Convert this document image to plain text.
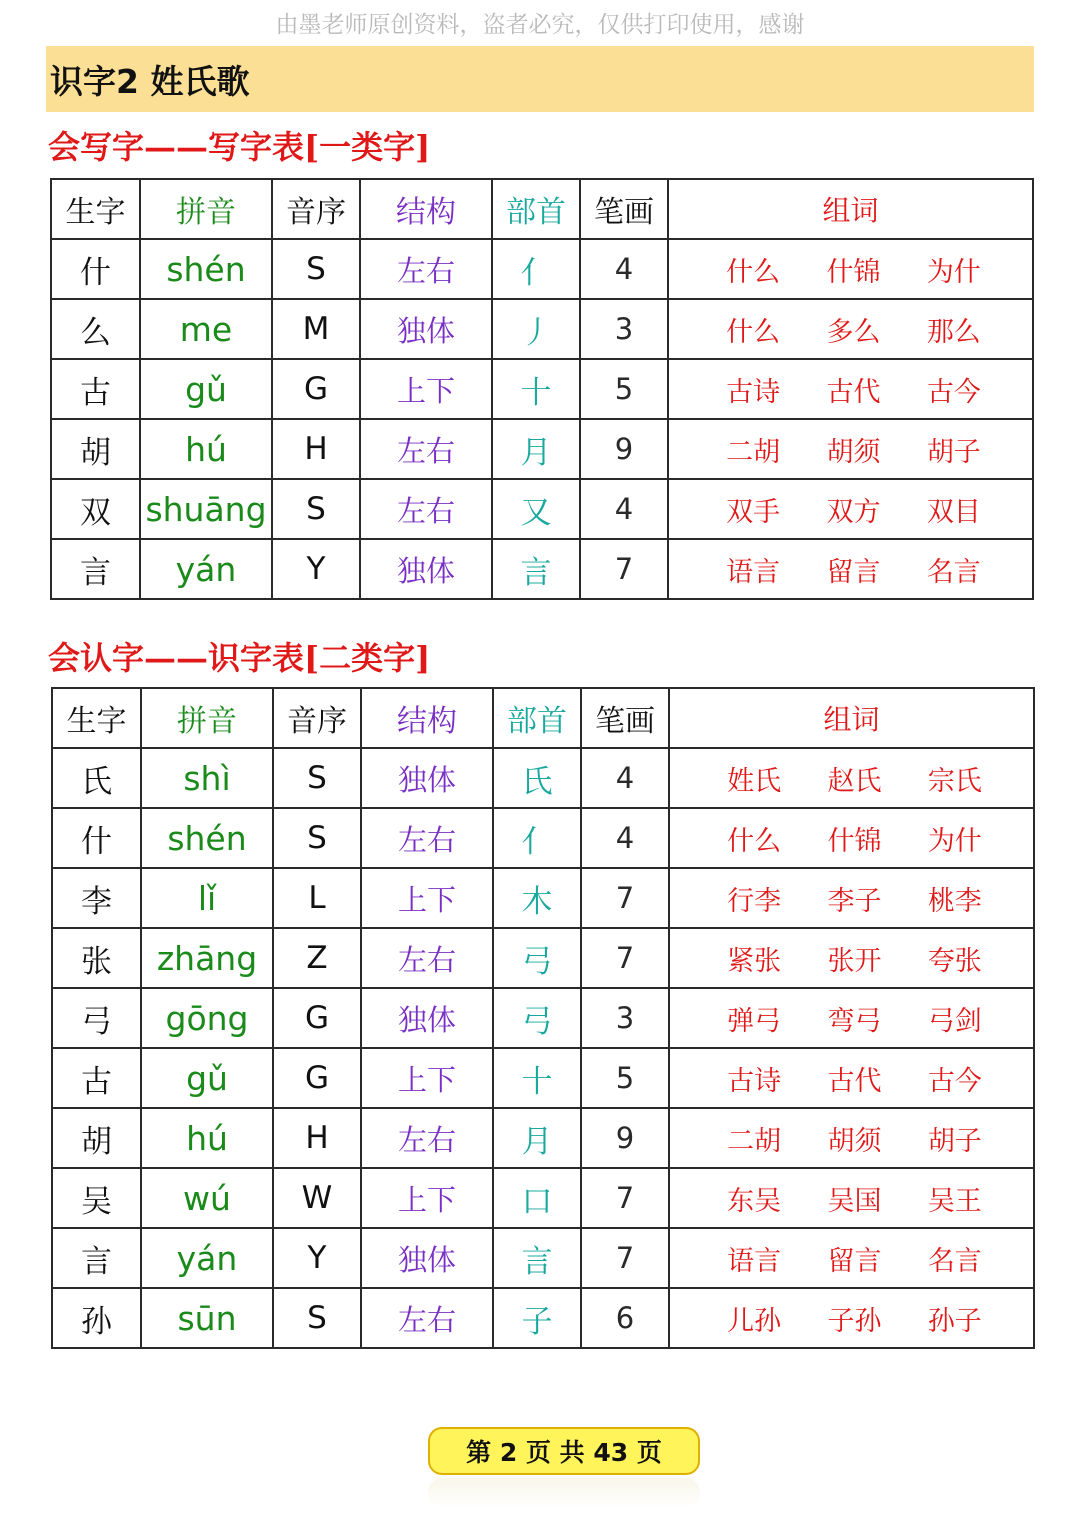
由墨老师原创资料，盗者必究，仅供打印使用，感谢
识字2 姓氏歌
会写字——写字表[一类字]
生字	拼音	音序	结构	部首	笔画	组词
什	shén	S	左右	亻	4	什么 什锦 为什

么	me	M	独体	丿	3	什么 多么 那么

古	gǔ	G	上下	十	5	古诗 古代 古今

胡	hú	H	左右	月	9	二胡 胡须 胡子

双	shuāng	S	左右	又	4	双手 双方 双目

言	yán	Y	独体	言	7	语言 留言 名言
会认字——识字表[二类字]
生字	拼音	音序	结构	部首	笔画	组词
氏	shì	S	独体	氏	4	姓氏 赵氏 宗氏

什	shén	S	左右	亻	4	什么 什锦 为什

李	lǐ	L	上下	木	7	行李 李子 桃李

张	zhāng	Z	左右	弓	7	紧张 张开 夸张

弓	gōng	G	独体	弓	3	弹弓 弯弓 弓剑

古	gǔ	G	上下	十	5	古诗 古代 古今

胡	hú	H	左右	月	9	二胡 胡须 胡子

吴	wú	W	上下	口	7	东吴 吴国 吴王

言	yán	Y	独体	言	7	语言 留言 名言

孙	sūn	S	左右	子	6	儿孙 子孙 孙子
第 2 页 共 43 页
